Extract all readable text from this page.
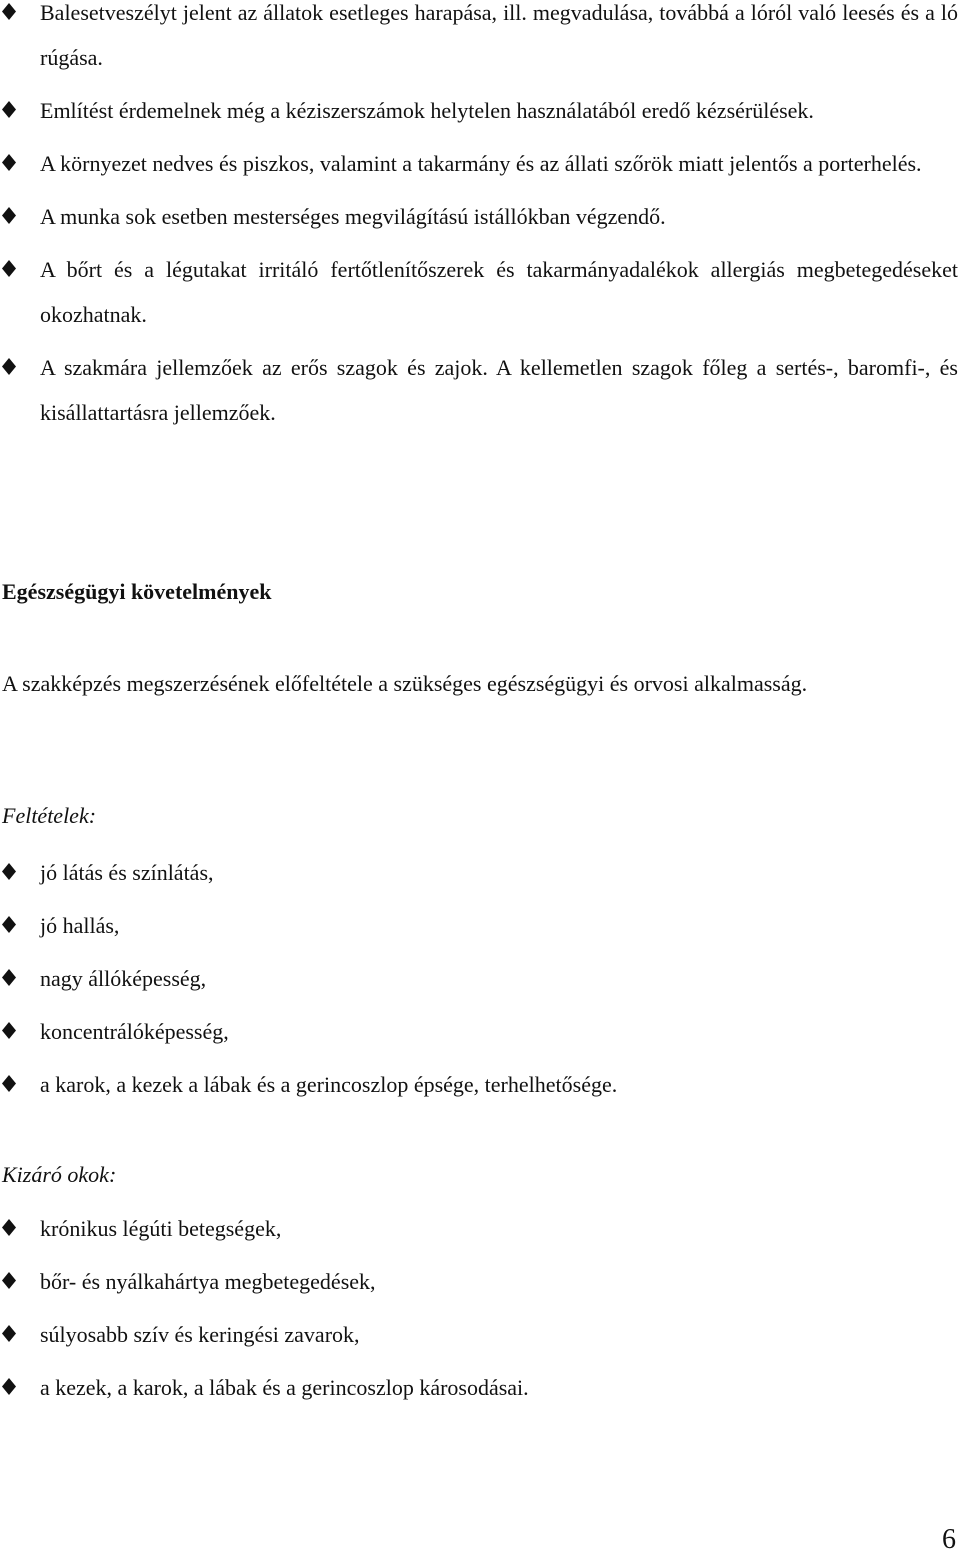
Balesetveszélyt jelent az állatok esetleges harapása, ill. megvadulása, továbbá a lóról való leesés és a ló rúgása.
Említést érdemelnek még a kéziszerszámok helytelen használatából eredő kézsérülések.
A környezet nedves és piszkos, valamint a takarmány és az állati szőrök miatt jelentős a porterhelés.
A munka sok esetben mesterséges megvilágítású istállókban végzendő.
A bőrt és a légutakat irritáló fertőtlenítőszerek és takarmányadalékok allergiás megbetegedéseket okozhatnak.
A szakmára jellemzőek az erős szagok és zajok. A kellemetlen szagok főleg a sertés-, baromfi-, és kisállattartásra jellemzőek.
Egészségügyi követelmények

A szakképzés megszerzésének előfeltétele a szükséges egészségügyi és orvosi alkalmasság.

Feltételek:

jó látás és színlátás,
jó hallás,
nagy állóképesség,
koncentrálóképesség,
a karok, a kezek a lábak és a gerincoszlop épsége, terhelhetősége.

Kizáró okok:

krónikus légúti betegségek,
bőr- és nyálkahártya megbetegedések,
súlyosabb szív és keringési zavarok,
a kezek, a karok, a lábak és a gerincoszlop károsodásai.
6
